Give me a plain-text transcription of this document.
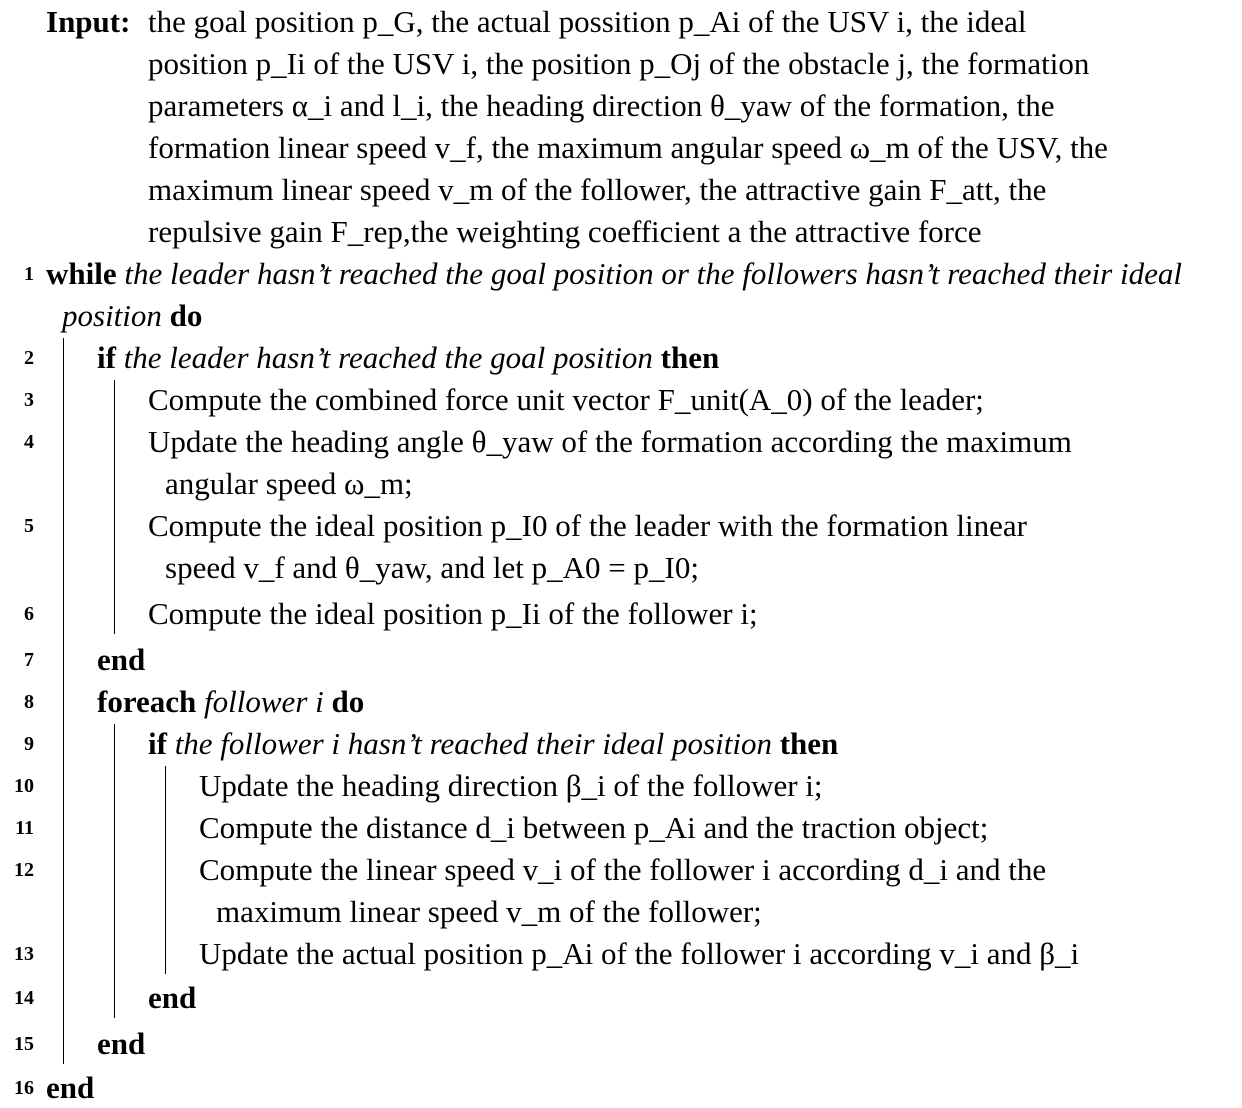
Input: the goal position p_G, the actual possition p_Ai of the USV i, the ideal
position p_Ii of the USV i, the position p_Oj of the obstacle j, the formation
parameters α_i and l_i, the heading direction θ_yaw of the formation, the
formation linear speed v_f, the maximum angular speed ω_m of the USV, the
maximum linear speed v_m of the follower, the attractive gain F_att, the
repulsive gain F_rep,the weighting coefficient a the attractive force
1 while the leader hasn’t reached the goal position or the followers hasn’t reached their ideal
position do
2 if the leader hasn’t reached the goal position then
3	Compute the combined force unit vector F_unit(A_0) of the leader;
4	Update the heading angle θ_yaw of the formation according the maximum
angular speed ω_m;
5	Compute the ideal position p_I0 of the leader with the formation linear
speed v_f and θ_yaw, and let p_A0 = p_I0;
6	Compute the ideal position p_Ii of the follower i;
7 end
8 foreach follower i do
9	if the follower i hasn’t reached their ideal position then
10	Update the heading direction β_i of the follower i;
11	Compute the distance d_i between p_Ai and the traction object;
12	Compute the linear speed v_i of the follower i according d_i and the
maximum linear speed v_m of the follower;
13	Update the actual position p_Ai of the follower i according v_i and β_i
14	end
15 end
16 end
